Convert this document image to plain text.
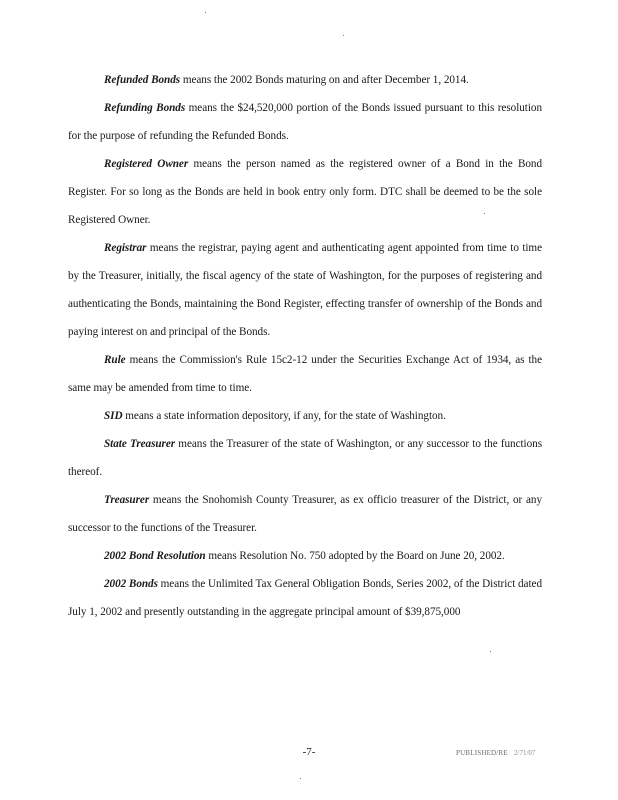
Refunded Bonds means the 2002 Bonds maturing on and after December 1, 2014.

Refunding Bonds means the $24,520,000 portion of the Bonds issued pursuant to this resolution for the purpose of refunding the Refunded Bonds.

Registered Owner means the person named as the registered owner of a Bond in the Bond Register. For so long as the Bonds are held in book entry only form. DTC shall be deemed to be the sole Registered Owner.

Registrar means the registrar, paying agent and authenticating agent appointed from time to time by the Treasurer, initially, the fiscal agency of the state of Washington, for the purposes of registering and authenticating the Bonds, maintaining the Bond Register, effecting transfer of ownership of the Bonds and paying interest on and principal of the Bonds.

Rule means the Commission's Rule 15c2-12 under the Securities Exchange Act of 1934, as the same may be amended from time to time.

SID means a state information depository, if any, for the state of Washington.

State Treasurer means the Treasurer of the state of Washington, or any successor to the functions thereof.

Treasurer means the Snohomish County Treasurer, as ex officio treasurer of the District, or any successor to the functions of the Treasurer.

2002 Bond Resolution means Resolution No. 750 adopted by the Board on June 20, 2002.

2002 Bonds means the Unlimited Tax General Obligation Bonds, Series 2002, of the District dated July 1, 2002 and presently outstanding in the aggregate principal amount of $39,875,000

-7-	PUBLISHED/RE 2/71/07
